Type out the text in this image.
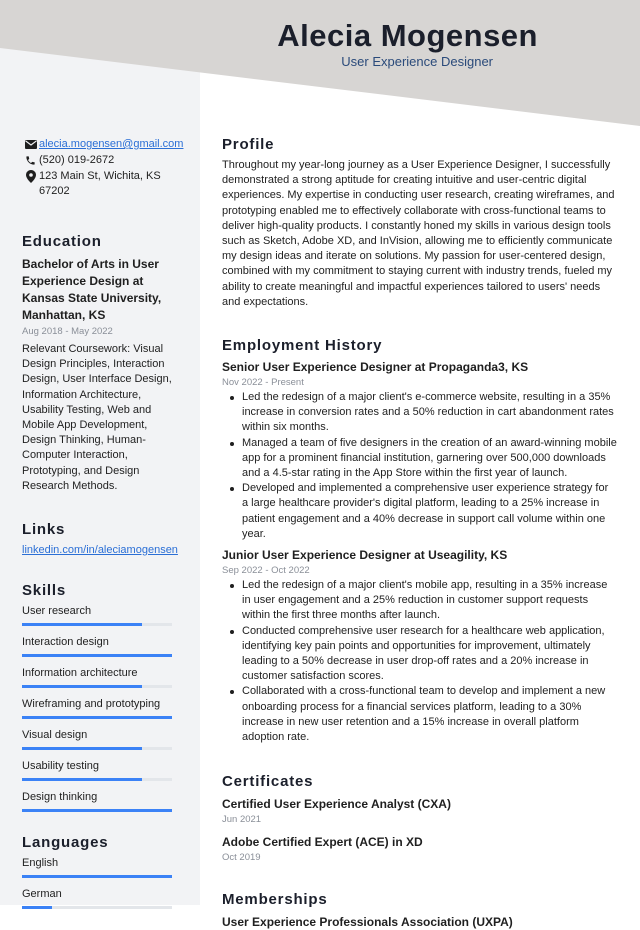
Alecia Mogensen
User Experience Designer
alecia.mogensen@gmail.com
(520) 019-2672
123 Main St, Wichita, KS 67202
Education
Bachelor of Arts in User Experience Design at Kansas State University, Manhattan, KS
Aug 2018 - May 2022
Relevant Coursework: Visual Design Principles, Interaction Design, User Interface Design, Information Architecture, Usability Testing, Web and Mobile App Development, Design Thinking, Human-Computer Interaction, Prototyping, and Design Research Methods.
Links
linkedin.com/in/aleciamogensen
Skills
User research
Interaction design
Information architecture
Wireframing and prototyping
Visual design
Usability testing
Design thinking
Languages
English
German
Profile
Throughout my year-long journey as a User Experience Designer, I successfully demonstrated a strong aptitude for creating intuitive and user-centric digital experiences. My expertise in conducting user research, creating wireframes, and prototyping enabled me to effectively collaborate with cross-functional teams to deliver high-quality products. I constantly honed my skills in various design tools such as Sketch, Adobe XD, and InVision, allowing me to efficiently communicate my design ideas and iterate on solutions. My passion for user-centered design, combined with my commitment to staying current with industry trends, fueled my ability to create meaningful and impactful experiences tailored to users' needs and expectations.
Employment History
Senior User Experience Designer at Propaganda3, KS
Nov 2022 - Present
Led the redesign of a major client's e-commerce website, resulting in a 35% increase in conversion rates and a 50% reduction in cart abandonment rates within six months.
Managed a team of five designers in the creation of an award-winning mobile app for a prominent financial institution, garnering over 500,000 downloads and a 4.5-star rating in the App Store within the first year of launch.
Developed and implemented a comprehensive user experience strategy for a large healthcare provider's digital platform, leading to a 25% increase in patient engagement and a 40% decrease in support call volume within one year.
Junior User Experience Designer at Useagility, KS
Sep 2022 - Oct 2022
Led the redesign of a major client's mobile app, resulting in a 35% increase in user engagement and a 25% reduction in customer support requests within the first three months after launch.
Conducted comprehensive user research for a healthcare web application, identifying key pain points and opportunities for improvement, ultimately leading to a 50% decrease in user drop-off rates and a 20% increase in customer satisfaction scores.
Collaborated with a cross-functional team to develop and implement a new onboarding process for a financial services platform, leading to a 30% increase in new user retention and a 15% increase in overall platform adoption rate.
Certificates
Certified User Experience Analyst (CXA)
Jun 2021
Adobe Certified Expert (ACE) in XD
Oct 2019
Memberships
User Experience Professionals Association (UXPA)
